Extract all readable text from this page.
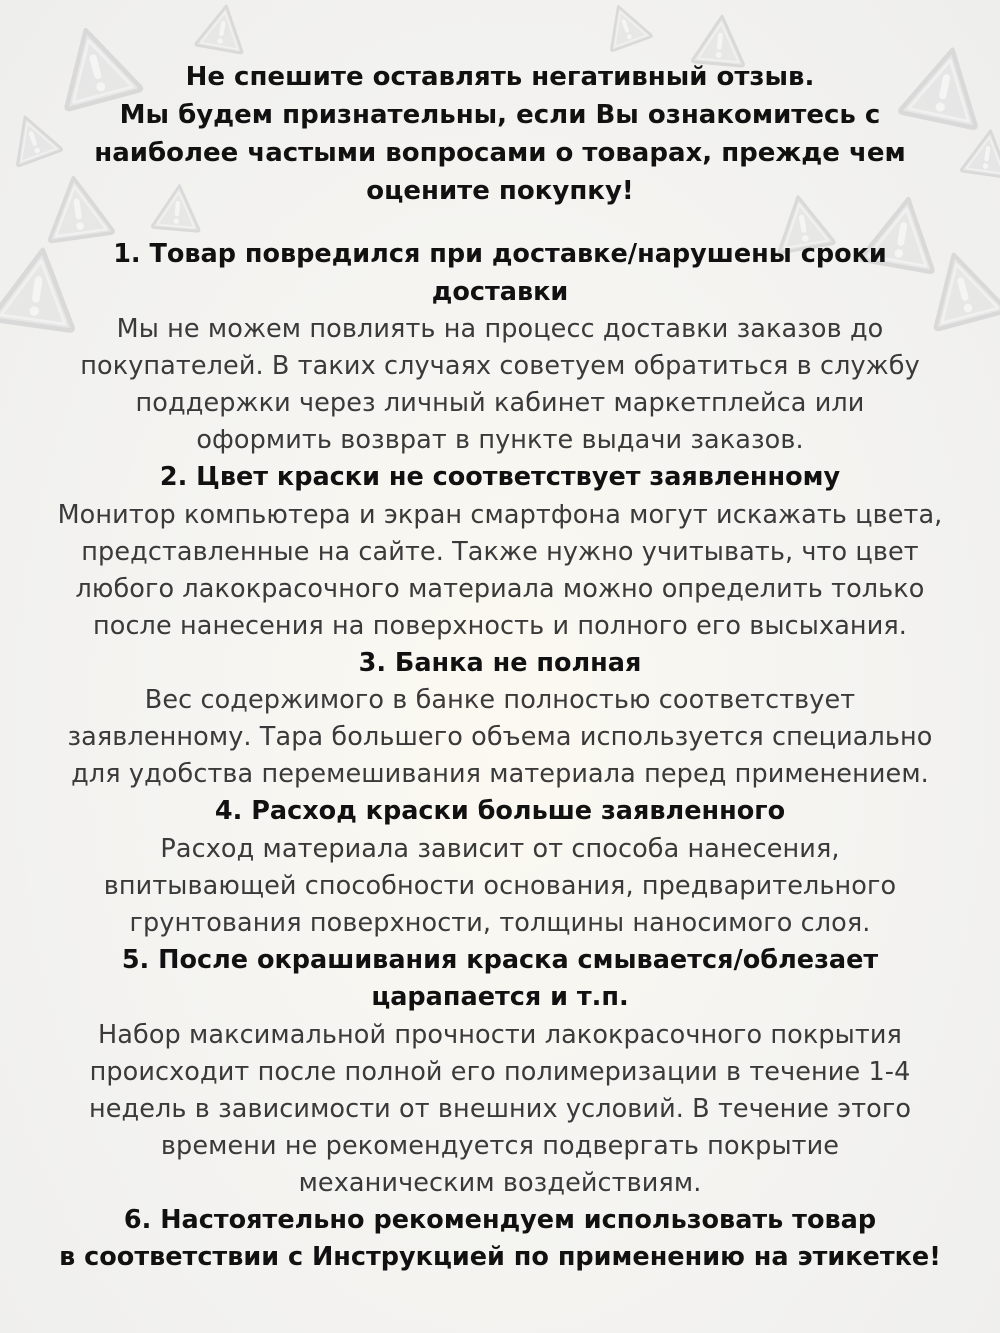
Не спешите оставлять негативный отзыв.
Мы будем признательны, если Вы ознакомитесь с
наиболее частыми вопросами о товарах, прежде чем
оцените покупку!
1. Товар повредился при доставке/нарушены сроки
доставки
Мы не можем повлиять на процесс доставки заказов до
покупателей. В таких случаях советуем обратиться в службу
поддержки через личный кабинет маркетплейса или
оформить возврат в пункте выдачи заказов.
2. Цвет краски не соответствует заявленному
Монитор компьютера и экран смартфона могут искажать цвета,
представленные на сайте. Также нужно учитывать, что цвет
любого лакокрасочного материала можно определить только
после нанесения на поверхность и полного его высыхания.
3. Банка не полная
Вес содержимого в банке полностью соответствует
заявленному. Тара большего объема используется специально
для удобства перемешивания материала перед применением.
4. Расход краски больше заявленного
Расход материала зависит от способа нанесения,
впитывающей способности основания, предварительного
грунтования поверхности, толщины наносимого слоя.
5. После окрашивания краска смывается/облезает
царапается и т.п.
Набор максимальной прочности лакокрасочного покрытия
происходит после полной его полимеризации в течение 1-4
недель в зависимости от внешних условий. В течение этого
времени не рекомендуется подвергать покрытие
механическим воздействиям.
6. Настоятельно рекомендуем использовать товар
в соответствии с Инструкцией по применению на этикетке!
